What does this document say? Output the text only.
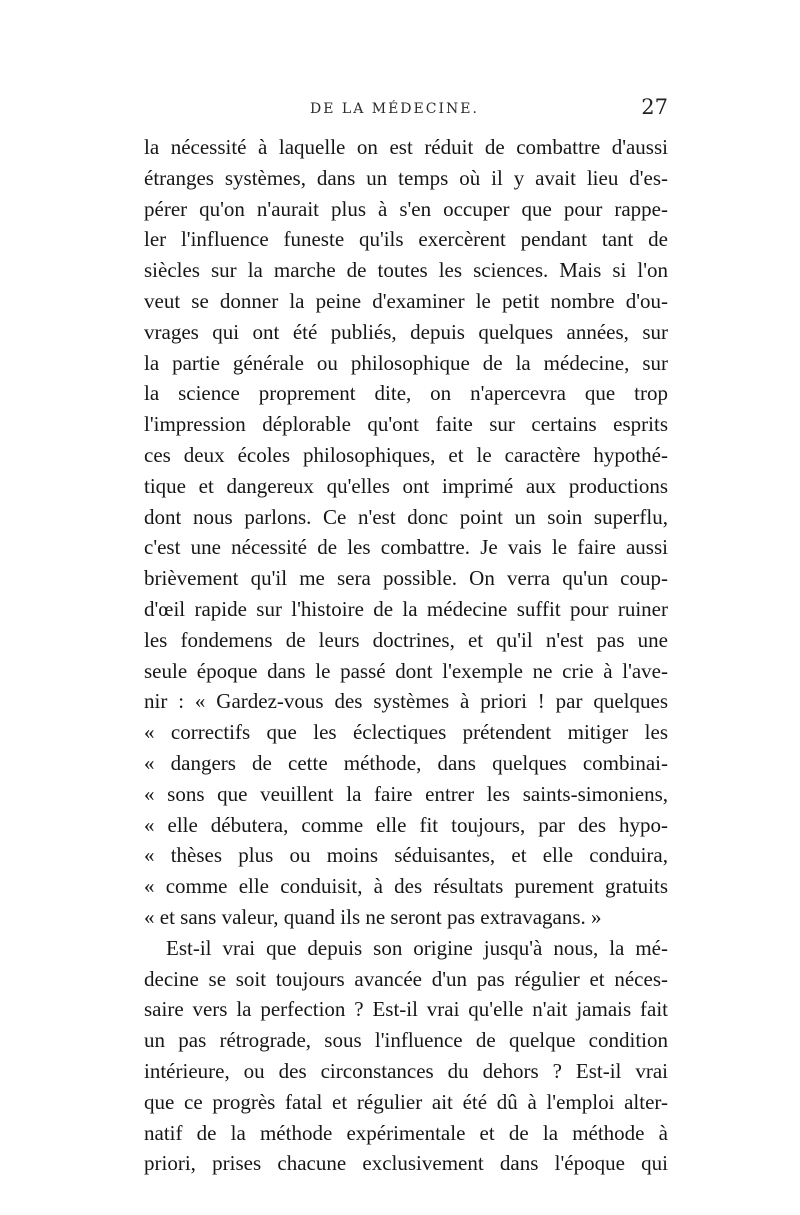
DE LA MÉDECINE.	27
la nécessité à laquelle on est réduit de combattre d'aussi
étranges systèmes, dans un temps où il y avait lieu d'es-
pérer qu'on n'aurait plus à s'en occuper que pour rappe-
ler l'influence funeste qu'ils exercèrent pendant tant de
siècles sur la marche de toutes les sciences. Mais si l'on
veut se donner la peine d'examiner le petit nombre d'ou-
vrages qui ont été publiés, depuis quelques années, sur
la partie générale ou philosophique de la médecine, sur
la science proprement dite, on n'apercevra que trop
l'impression déplorable qu'ont faite sur certains esprits
ces deux écoles philosophiques, et le caractère hypothé-
tique et dangereux qu'elles ont imprimé aux productions
dont nous parlons. Ce n'est donc point un soin superflu,
c'est une nécessité de les combattre. Je vais le faire aussi
brièvement qu'il me sera possible. On verra qu'un coup-
d'œil rapide sur l'histoire de la médecine suffit pour ruiner
les fondemens de leurs doctrines, et qu'il n'est pas une
seule époque dans le passé dont l'exemple ne crie à l'ave-
nir : « Gardez-vous des systèmes à priori ! par quelques
« correctifs que les éclectiques prétendent mitiger les
« dangers de cette méthode, dans quelques combinai-
« sons que veuillent la faire entrer les saints-simoniens,
« elle débutera, comme elle fit toujours, par des hypo-
« thèses plus ou moins séduisantes, et elle conduira,
« comme elle conduisit, à des résultats purement gratuits
« et sans valeur, quand ils ne seront pas extravagans. »
Est-il vrai que depuis son origine jusqu'à nous, la mé-
decine se soit toujours avancée d'un pas régulier et néces-
saire vers la perfection ? Est-il vrai qu'elle n'ait jamais fait
un pas rétrograde, sous l'influence de quelque condition
intérieure, ou des circonstances du dehors ? Est-il vrai
que ce progrès fatal et régulier ait été dû à l'emploi alter-
natif de la méthode expérimentale et de la méthode à
priori, prises chacune exclusivement dans l'époque qui
